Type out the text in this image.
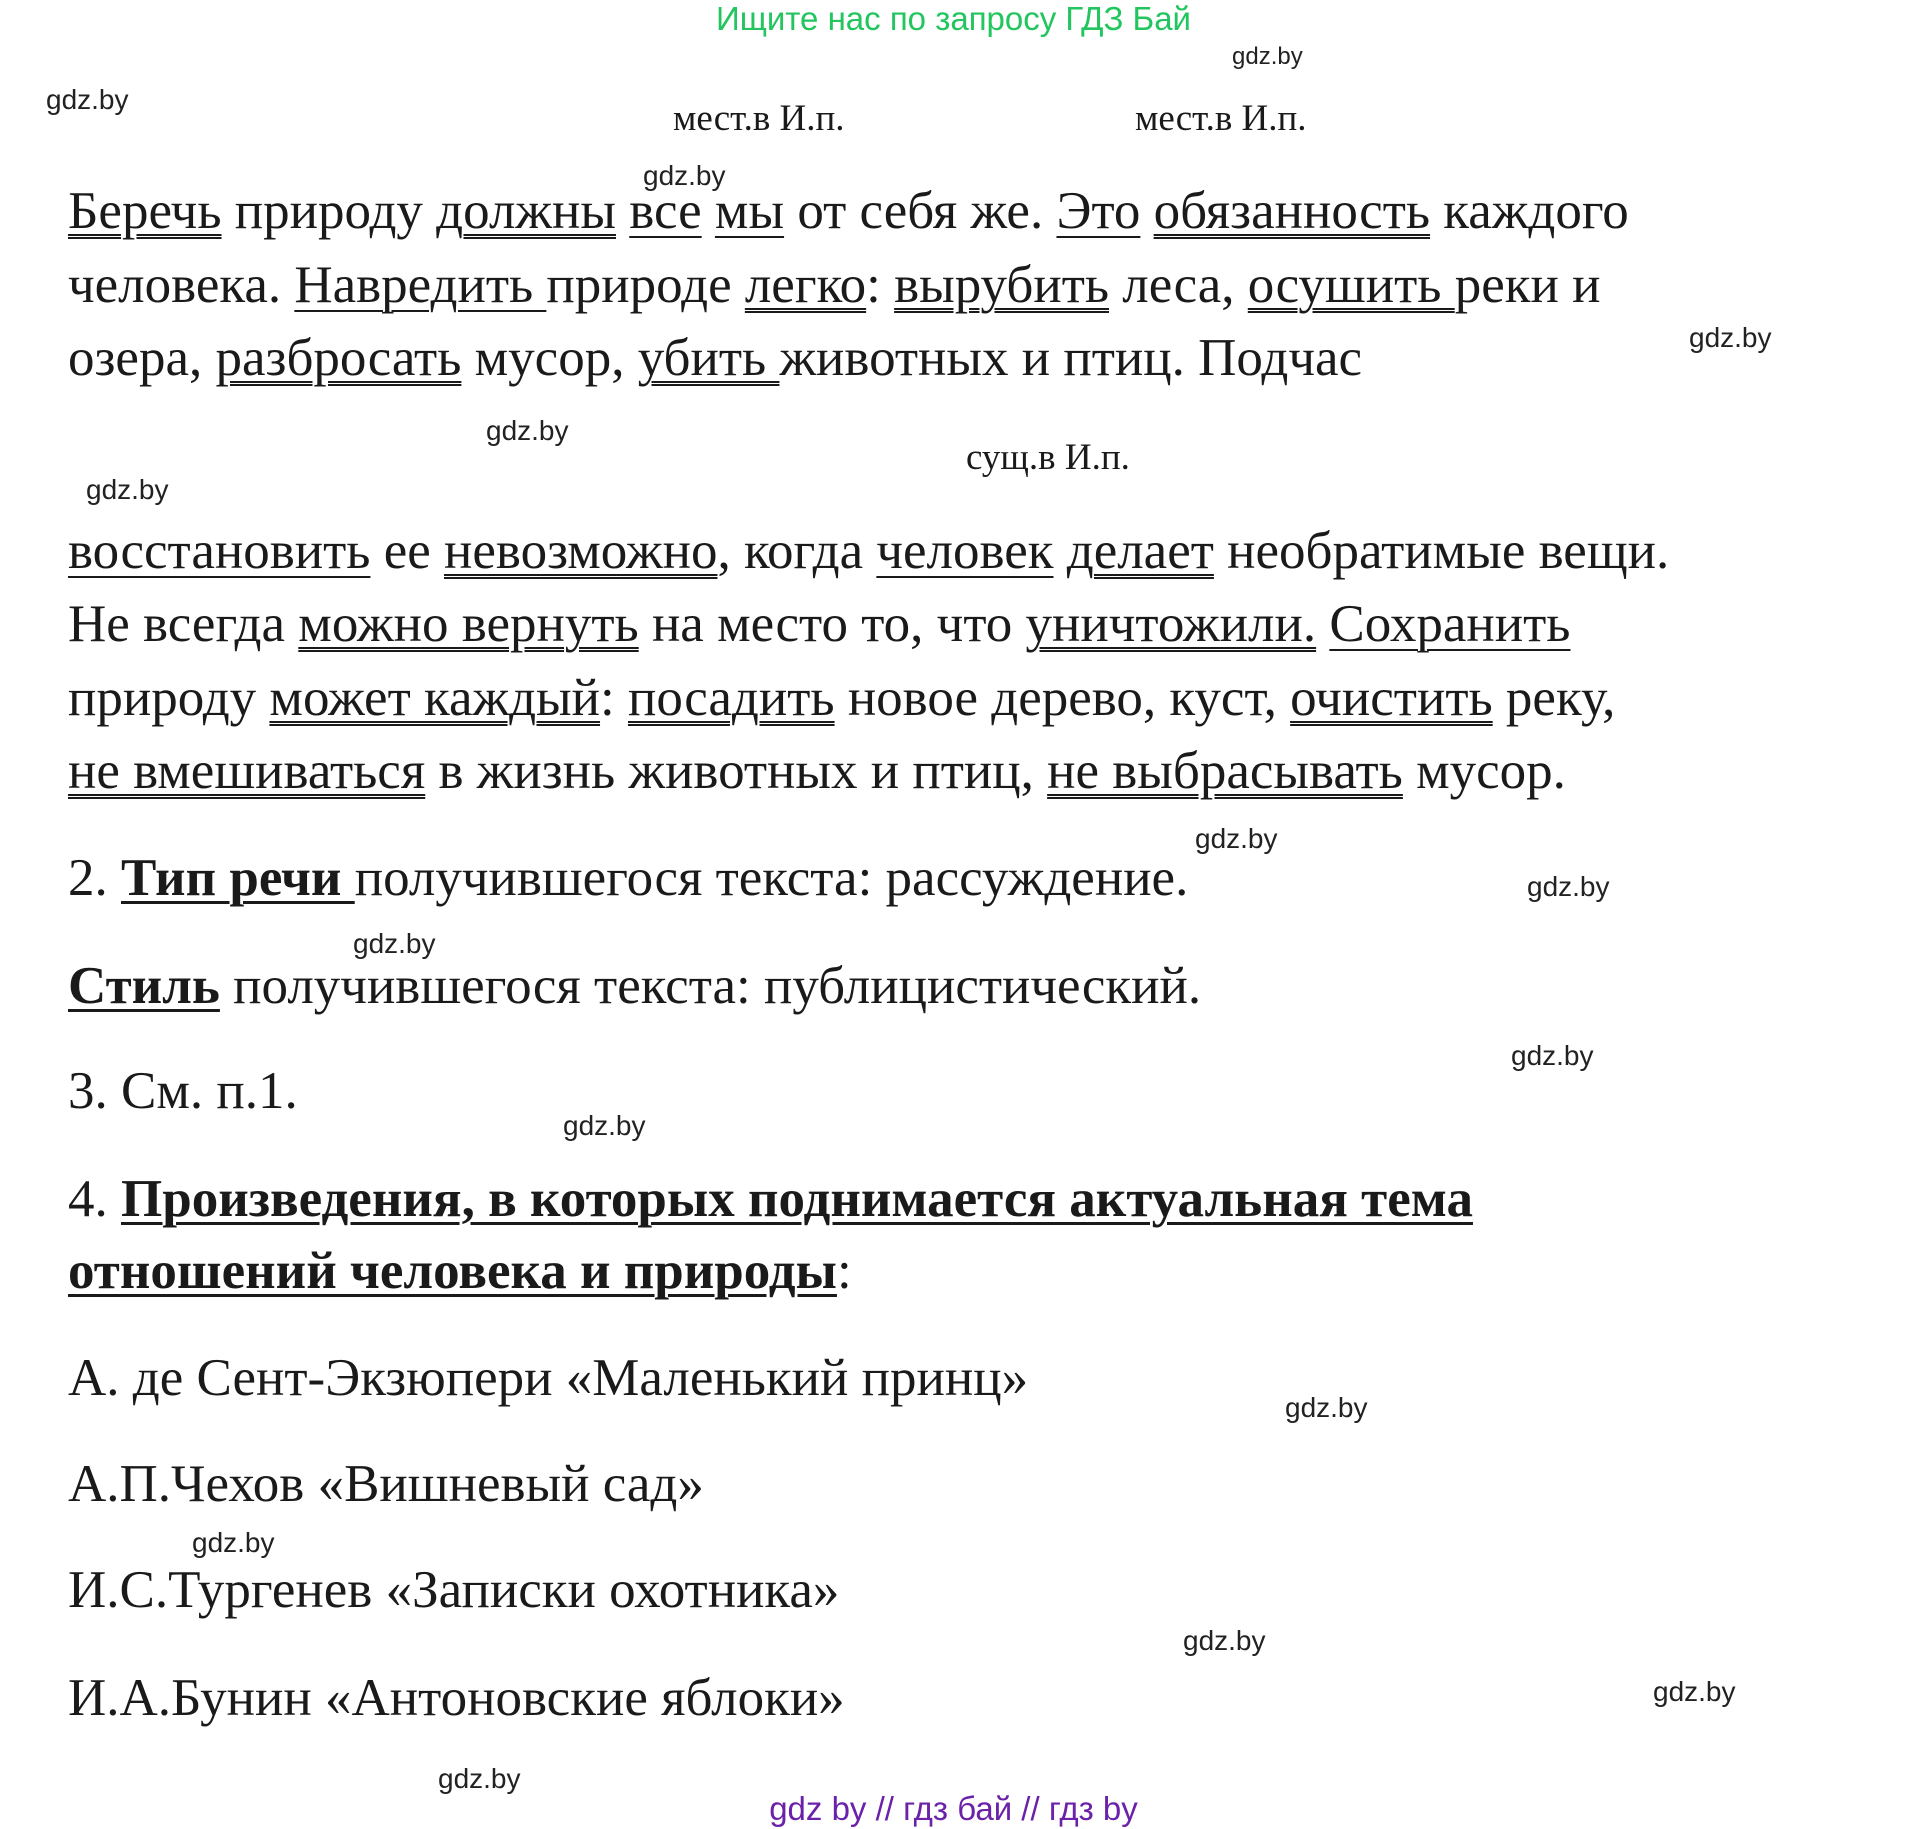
Ищите нас по запросу ГДЗ Бай
gdz.by
gdz.by
gdz.by
gdz.by
gdz.by
gdz.by
gdz.by
gdz.by
gdz.by
gdz.by
gdz.by
gdz.by
gdz.by
gdz.by
gdz.by
gdz.by
мест.в И.п.	мест.в И.п.
сущ.в И.п.
Беречь природу должны все мы от себя же. Это обязанность каждого
человека. Навредить природе легко: вырубить леса, осушить реки и
озера, разбросать мусор, убить животных и птиц. Подчас
восстановить ее невозможно, когда человек делает необратимые вещи.
Не всегда можно вернуть на место то, что уничтожили. Сохранить
природу может каждый: посадить новое дерево, куст, очистить реку,
не вмешиваться в жизнь животных и птиц, не выбрасывать мусор.
2. Тип речи получившегося текста: рассуждение.
Стиль получившегося текста: публицистический.
3. См. п.1.
4. Произведения, в которых поднимается актуальная тема
отношений человека и природы:
А. де Сент-Экзюпери «Маленький принц»
А.П.Чехов «Вишневый сад»
И.С.Тургенев «Записки охотника»
И.А.Бунин «Антоновские яблоки»
gdz by // гдз бай // гдз by
